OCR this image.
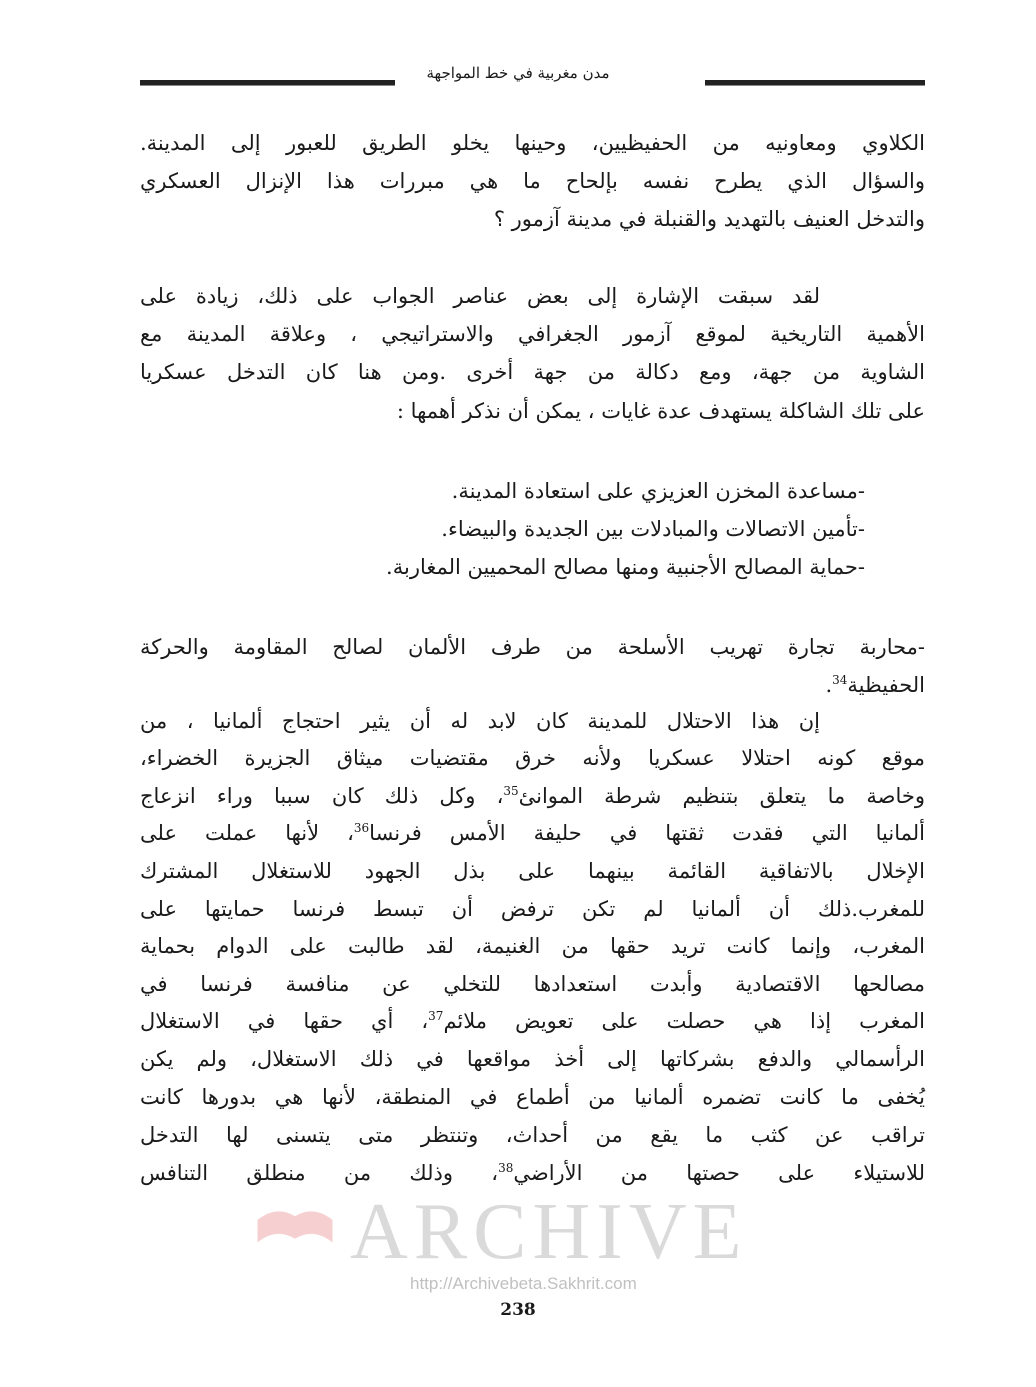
مدن مغربية في خط المواجهة
الكلاوي ومعاونيه من الحفيظيين، وحينها يخلو الطريق للعبور إلى المدينة.
والسؤال الذي يطرح نفسه بإلحاح ما هي مبررات هذا الإنزال العسكري
والتدخل العنيف بالتهديد والقنبلة في مدينة آزمور ؟
لقد سبقت الإشارة إلى بعض عناصر الجواب على ذلك، زيادة على
الأهمية التاريخية لموقع آزمور الجغرافي والاستراتيجي ، وعلاقة المدينة مع
الشاوية من جهة، ومع دكالة من جهة أخرى .ومن هنا كان التدخل عسكريا
على تلك الشاكلة يستهدف عدة غايات ، يمكن أن نذكر أهمها :
-مساعدة المخزن العزيزي على استعادة المدينة.
-تأمين الاتصالات والمبادلات بين الجديدة والبيضاء.
-حماية المصالح الأجنبية ومنها مصالح المحميين المغاربة.
-محاربة تجارة تهريب الأسلحة من طرف الألمان لصالح المقاومة والحركة
الحفيظية$^{34}$.
إن هذا الاحتلال للمدينة كان لابد له أن يثير احتجاج ألمانيا ، من
موقع كونه احتلالا عسكريا ولأنه خرق مقتضيات ميثاق الجزيرة الخضراء،
وخاصة ما يتعلق بتنظيم شرطة الموانئ$^{35}$، وكل ذلك كان سببا وراء انزعاج
ألمانيا التي فقدت ثقتها في حليفة الأمس فرنسا$^{36}$، لأنها عملت على
الإخلال بالاتفاقية القائمة بينهما على بذل الجهود للاستغلال المشترك
للمغرب.ذلك أن ألمانيا لم تكن ترفض أن تبسط فرنسا حمايتها على
المغرب، وإنما كانت تريد حقها من الغنيمة، لقد طالبت على الدوام بحماية
مصالحها الاقتصادية وأبدت استعدادها للتخلي عن منافسة فرنسا في
المغرب إذا هي حصلت على تعويض ملائم$^{37}$، أي حقها في الاستغلال
الرأسمالي والدفع بشركاتها إلى أخذ مواقعها في ذلك الاستغلال، ولم يكن
يُخفى ما كانت تضمره ألمانيا من أطماع في المنطقة، لأنها هي بدورها كانت
تراقب عن كثب ما يقع من أحداث، وتنتظر متى يتسنى لها التدخل
للاستيلاء على حصتها من الأراضي$^{38}$، وذلك من منطلق التنافس
ARCHIVE
http://Archivebeta.Sakhrit.com
238
